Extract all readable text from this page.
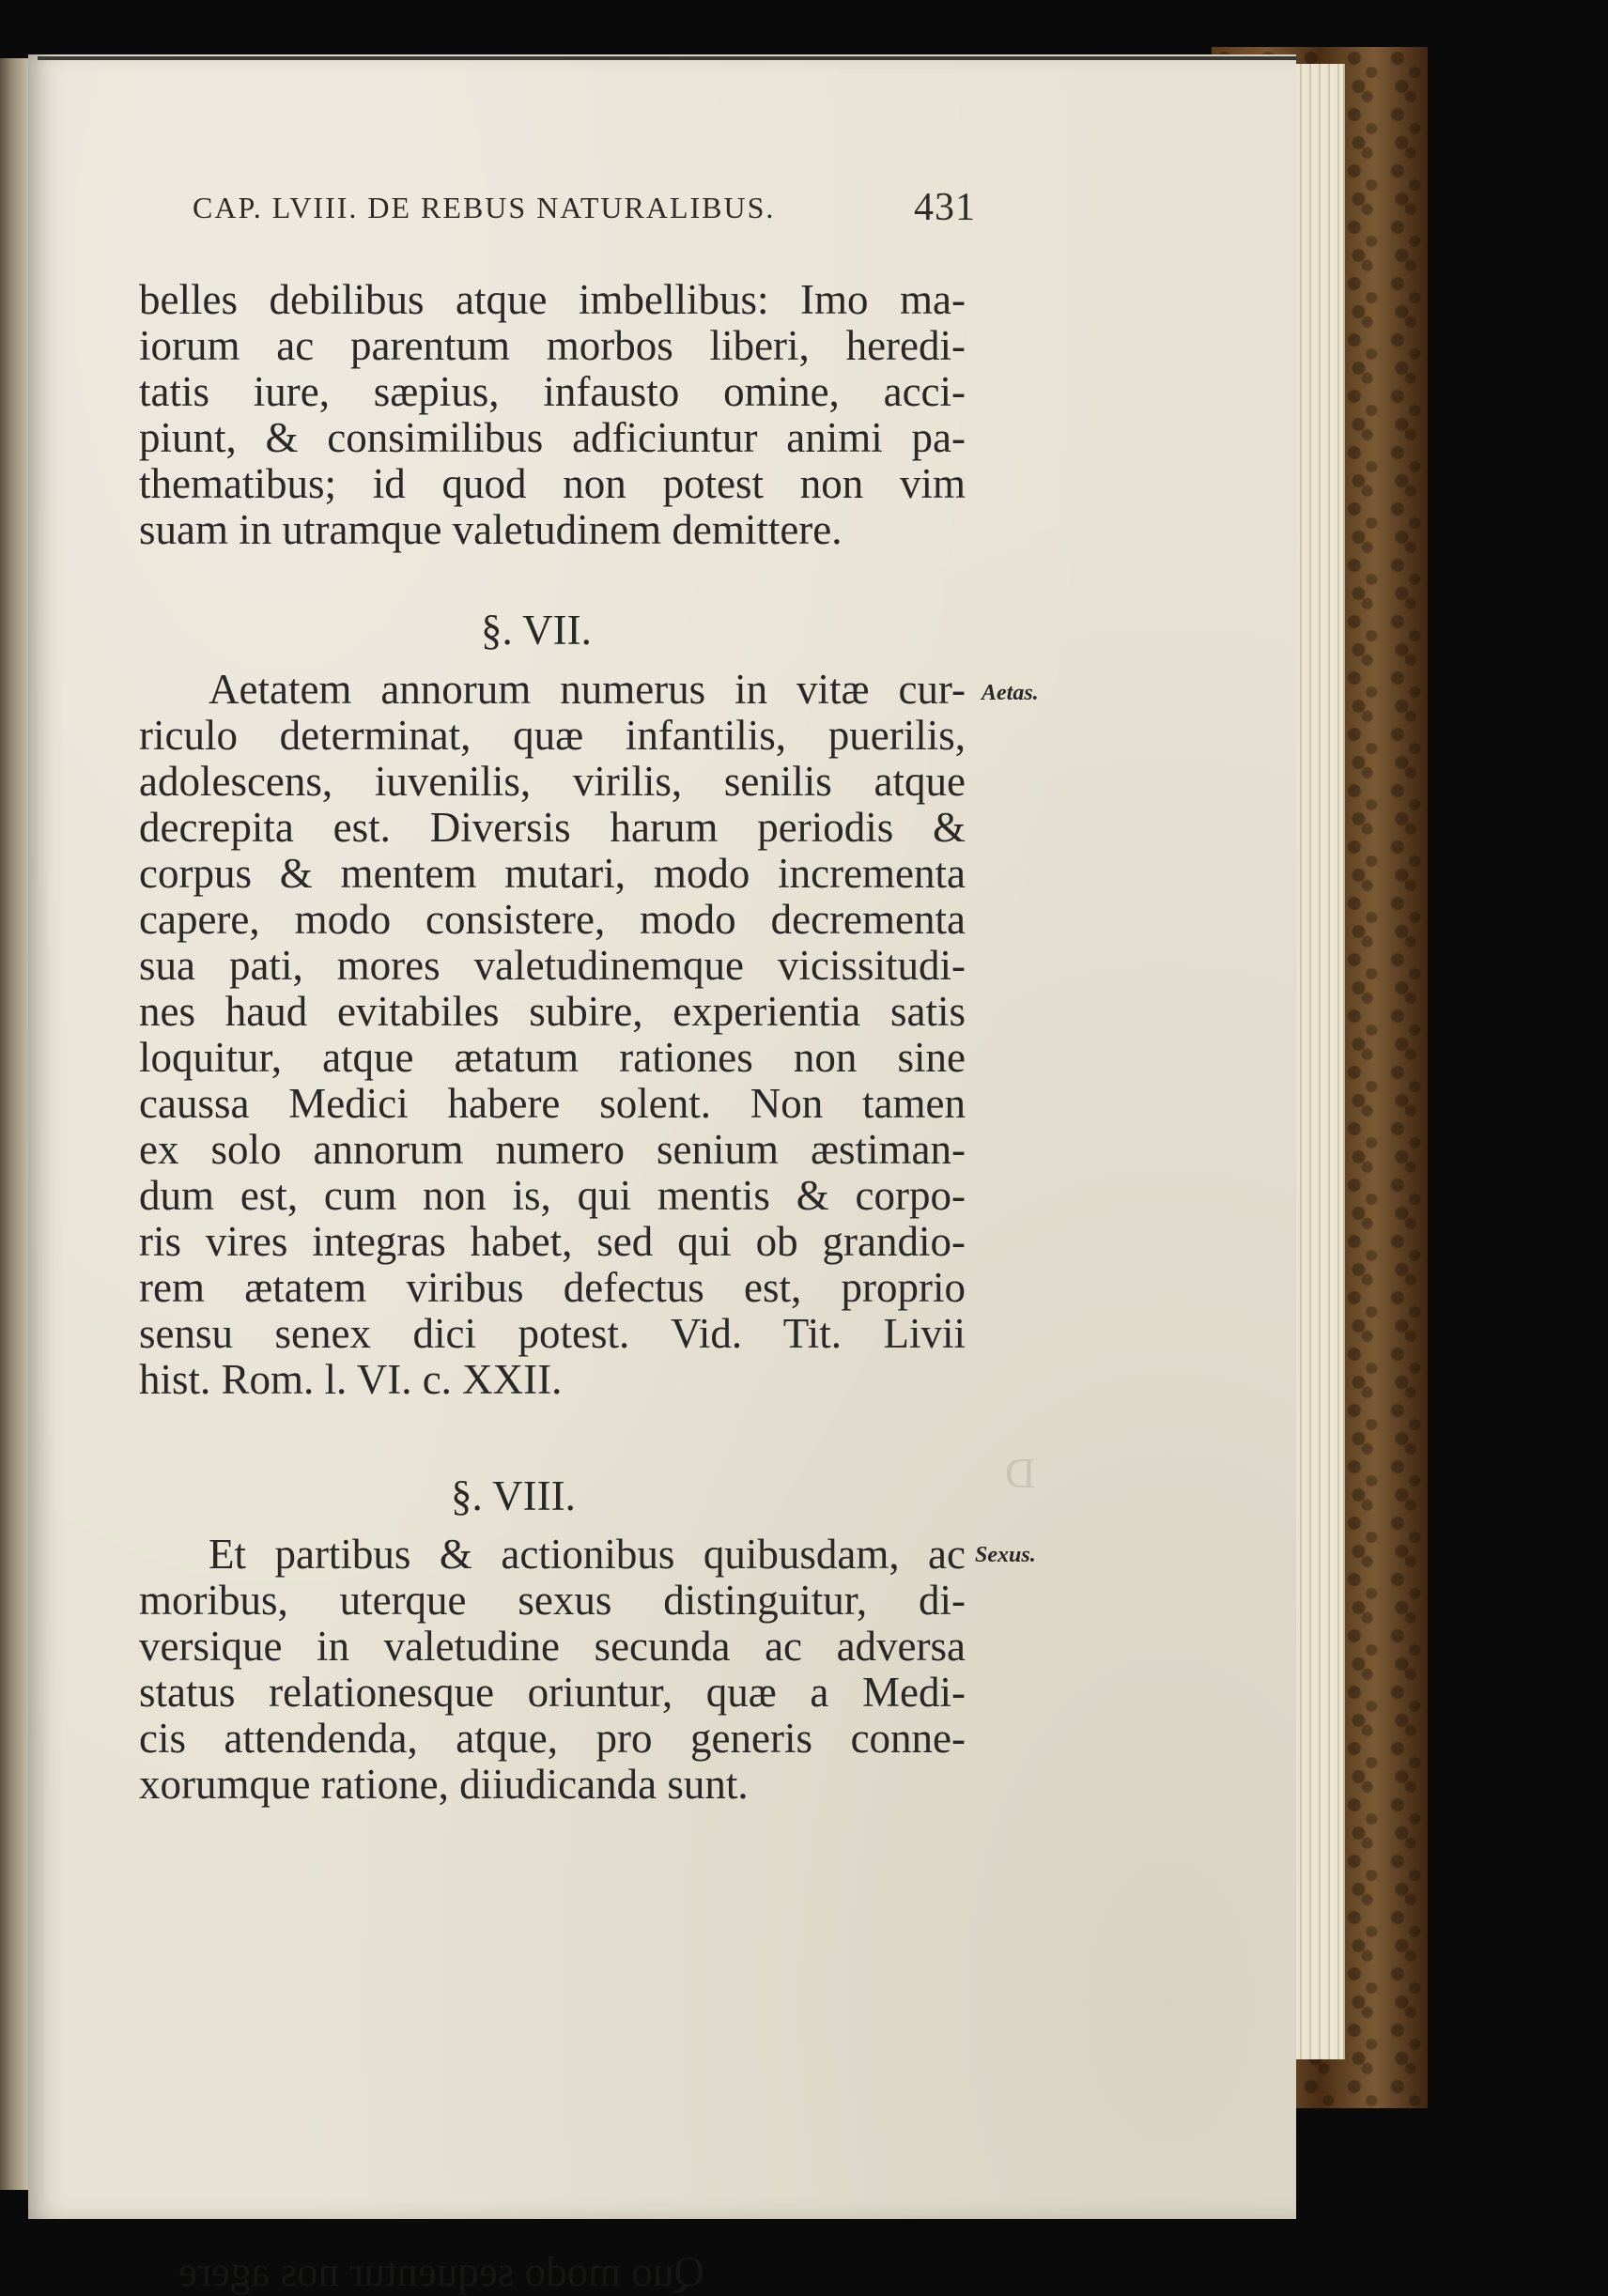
D
Quo modo sequentur nos agere
CAP. LVIII. DE REBUS NATURALIBUS.	431
belles debilibus atque imbellibus: Imo ma-
iorum ac parentum morbos liberi, heredi-
tatis iure, sæpius, infausto omine, acci-
piunt, & consimilibus adficiuntur animi pa-
thematibus; id quod non potest non vim
suam in utramque valetudinem demittere.
§. VII.
Aetas.
Aetatem annorum numerus in vitæ cur-
riculo determinat, quæ infantilis, puerilis,
adolescens, iuvenilis, virilis, senilis atque
decrepita est. Diversis harum periodis &
corpus & mentem mutari, modo incrementa
capere, modo consistere, modo decrementa
sua pati, mores valetudinemque vicissitudi-
nes haud evitabiles subire, experientia satis
loquitur, atque ætatum rationes non sine
caussa Medici habere solent. Non tamen
ex solo annorum numero senium æstiman-
dum est, cum non is, qui mentis & corpo-
ris vires integras habet, sed qui ob grandio-
rem ætatem viribus defectus est, proprio
sensu senex dici potest. Vid. Tit. Livii
hist. Rom. l. VI. c. XXII.
§. VIII.
Sexus.
Et partibus & actionibus quibusdam, ac
moribus, uterque sexus distinguitur, di-
versique in valetudine secunda ac adversa
status relationesque oriuntur, quæ a Medi-
cis attendenda, atque, pro generis conne-
xorumque ratione, diiudicanda sunt.
